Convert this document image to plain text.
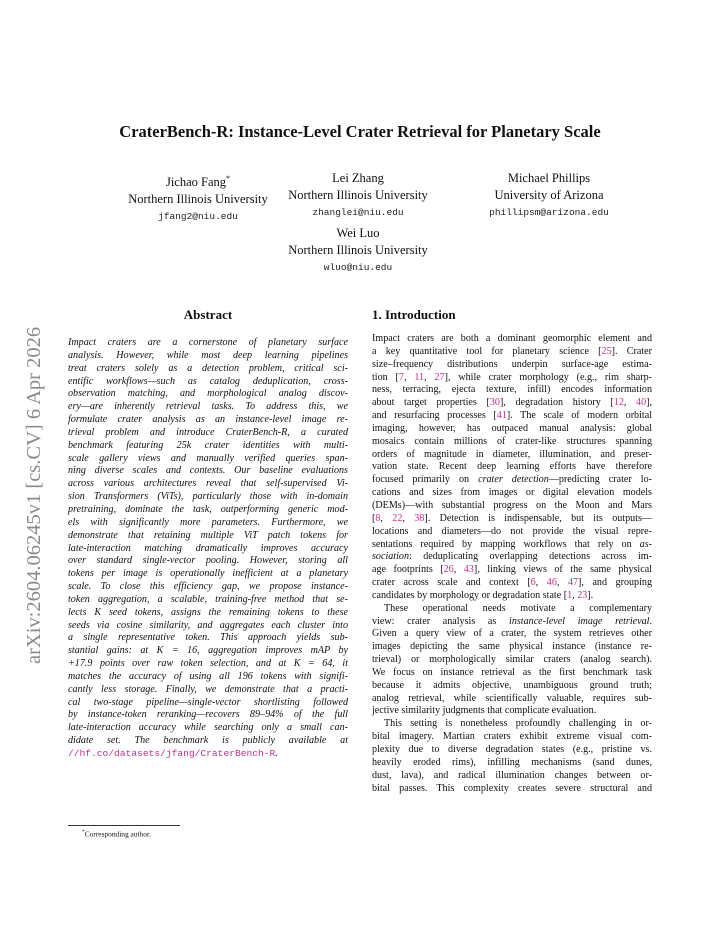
arXiv:2604.06245v1 [cs.CV] 6 Apr 2026
CraterBench-R: Instance-Level Crater Retrieval for Planetary Scale
Jichao Fang*
Northern Illinois University
jfang2@niu.edu
Lei Zhang
Northern Illinois University
zhanglei@niu.edu
Michael Phillips
University of Arizona
phillipsm@arizona.edu
Wei Luo
Northern Illinois University
wluo@niu.edu
Abstract
Impact craters are a cornerstone of planetary surface
analysis. However, while most deep learning pipelines
treat craters solely as a detection problem, critical sci-
entific workflows—such as catalog deduplication, cross-
observation matching, and morphological analog discov-
ery—are inherently retrieval tasks. To address this, we
formulate crater analysis as an instance-level image re-
trieval problem and introduce CraterBench-R, a curated
benchmark featuring 25k crater identities with multi-
scale gallery views and manually verified queries span-
ning diverse scales and contexts. Our baseline evaluations
across various architectures reveal that self-supervised Vi-
sion Transformers (ViTs), particularly those with in-domain
pretraining, dominate the task, outperforming generic mod-
els with significantly more parameters. Furthermore, we
demonstrate that retaining multiple ViT patch tokens for
late-interaction matching dramatically improves accuracy
over standard single-vector pooling. However, storing all
tokens per image is operationally inefficient at a planetary
scale. To close this efficiency gap, we propose instance-
token aggregation, a scalable, training-free method that se-
lects K seed tokens, assigns the remaining tokens to these
seeds via cosine similarity, and aggregates each cluster into
a single representative token. This approach yields sub-
stantial gains: at K = 16, aggregation improves mAP by
+17.9 points over raw token selection, and at K = 64, it
matches the accuracy of using all 196 tokens with signifi-
cantly less storage. Finally, we demonstrate that a practi-
cal two-stage pipeline—single-vector shortlisting followed
by instance-token reranking—recovers 89–94% of the full
late-interaction accuracy while searching only a small can-
didate set. The benchmark is publicly available at
//hf.co/datasets/jfang/CraterBench-R.
*Corresponding author.
1. Introduction
Impact craters are both a dominant geomorphic element and
a key quantitative tool for planetary science [25]. Crater
size–frequency distributions underpin surface-age estima-
tion [7, 11, 27], while crater morphology (e.g., rim sharp-
ness, terracing, ejecta texture, infill) encodes information
about target properties [30], degradation history [12, 40],
and resurfacing processes [41]. The scale of modern orbital
imaging, however, has outpaced manual analysis: global
mosaics contain millions of crater-like structures spanning
orders of magnitude in diameter, illumination, and preser-
vation state. Recent deep learning efforts have therefore
focused primarily on crater detection—predicting crater lo-
cations and sizes from images or digital elevation models
(DEMs)—with substantial progress on the Moon and Mars
[8, 22, 38]. Detection is indispensable, but its outputs—
locations and diameters—do not provide the visual repre-
sentations required by mapping workflows that rely on as-
sociation: deduplicating overlapping detections across im-
age footprints [26, 43], linking views of the same physical
crater across scale and context [6, 46, 47], and grouping
candidates by morphology or degradation state [1, 23].
These operational needs motivate a complementary
view: crater analysis as instance-level image retrieval.
Given a query view of a crater, the system retrieves other
images depicting the same physical instance (instance re-
trieval) or morphologically similar craters (analog search).
We focus on instance retrieval as the first benchmark task
because it admits objective, unambiguous ground truth;
analog retrieval, while scientifically valuable, requires sub-
jective similarity judgments that complicate evaluation.
This setting is nonetheless profoundly challenging in or-
bital imagery. Martian craters exhibit extreme visual com-
plexity due to diverse degradation states (e.g., pristine vs.
heavily eroded rims), infilling mechanisms (sand dunes,
dust, lava), and radical illumination changes between or-
bital passes. This complexity creates severe structural and
